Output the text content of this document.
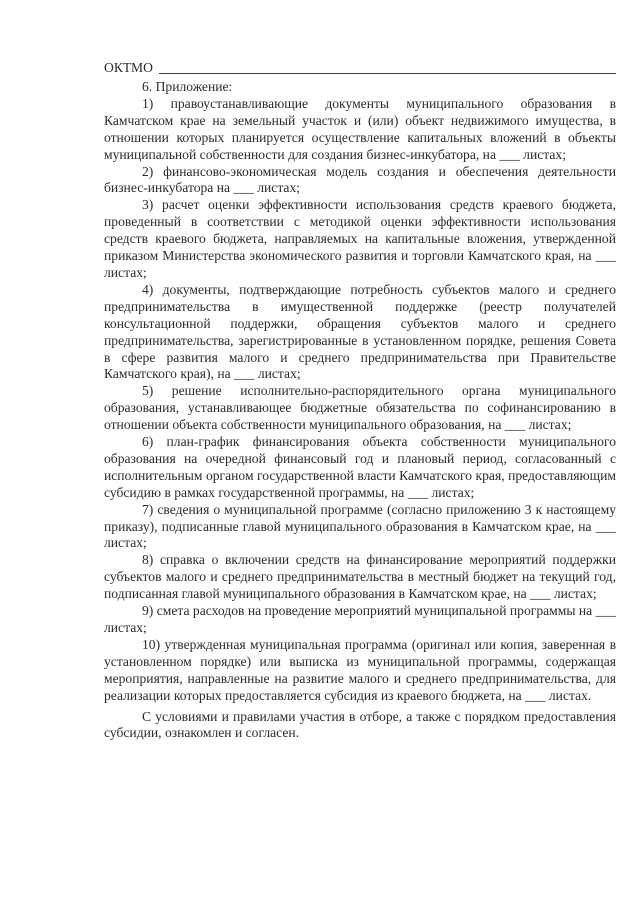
ОКТМО
6. Приложение:

1) правоустанавливающие документы муниципального образования в Камчатском крае на земельный участок и (или) объект недвижимого имущества, в отношении которых планируется осуществление капитальных вложений в объекты муниципальной собственности для создания бизнес-инкубатора, на ___ листах;

2) финансово-экономическая модель создания и обеспечения деятельности бизнес-инкубатора на ___ листах;

3) расчет оценки эффективности использования средств краевого бюджета, проведенный в соответствии с методикой оценки эффективности использования средств краевого бюджета, направляемых на капитальные вложения, утвержденной приказом Министерства экономического развития и торговли Камчатского края, на ___ листах;

4) документы, подтверждающие потребность субъектов малого и среднего предпринимательства в имущественной поддержке (реестр получателей консультационной поддержки, обращения субъектов малого и среднего предпринимательства, зарегистрированные в установленном порядке, решения Совета в сфере развития малого и среднего предпринимательства при Правительстве Камчатского края), на ___ листах;

5) решение исполнительно-распорядительного органа муниципального образования, устанавливающее бюджетные обязательства по софинансированию в отношении объекта собственности муниципального образования, на ___ листах;

6) план-график финансирования объекта собственности муниципального образования на очередной финансовый год и плановый период, согласованный с исполнительным органом государственной власти Камчатского края, предоставляющим субсидию в рамках государственной программы, на ___ листах;

7) сведения о муниципальной программе (согласно приложению 3 к настоящему приказу), подписанные главой муниципального образования в Камчатском крае, на ___ листах;

8) справка о включении средств на финансирование мероприятий поддержки субъектов малого и среднего предпринимательства в местный бюджет на текущий год, подписанная главой муниципального образования в Камчатском крае, на ___ листах;

9) смета расходов на проведение мероприятий муниципальной программы на ___ листах;

10) утвержденная муниципальная программа (оригинал или копия, заверенная в установленном порядке) или выписка из муниципальной программы, содержащая мероприятия, направленные на развитие малого и среднего предпринимательства, для реализации которых предоставляется субсидия из краевого бюджета, на ___ листах.

С условиями и правилами участия в отборе, а также с порядком предоставления субсидии, ознакомлен и согласен.
